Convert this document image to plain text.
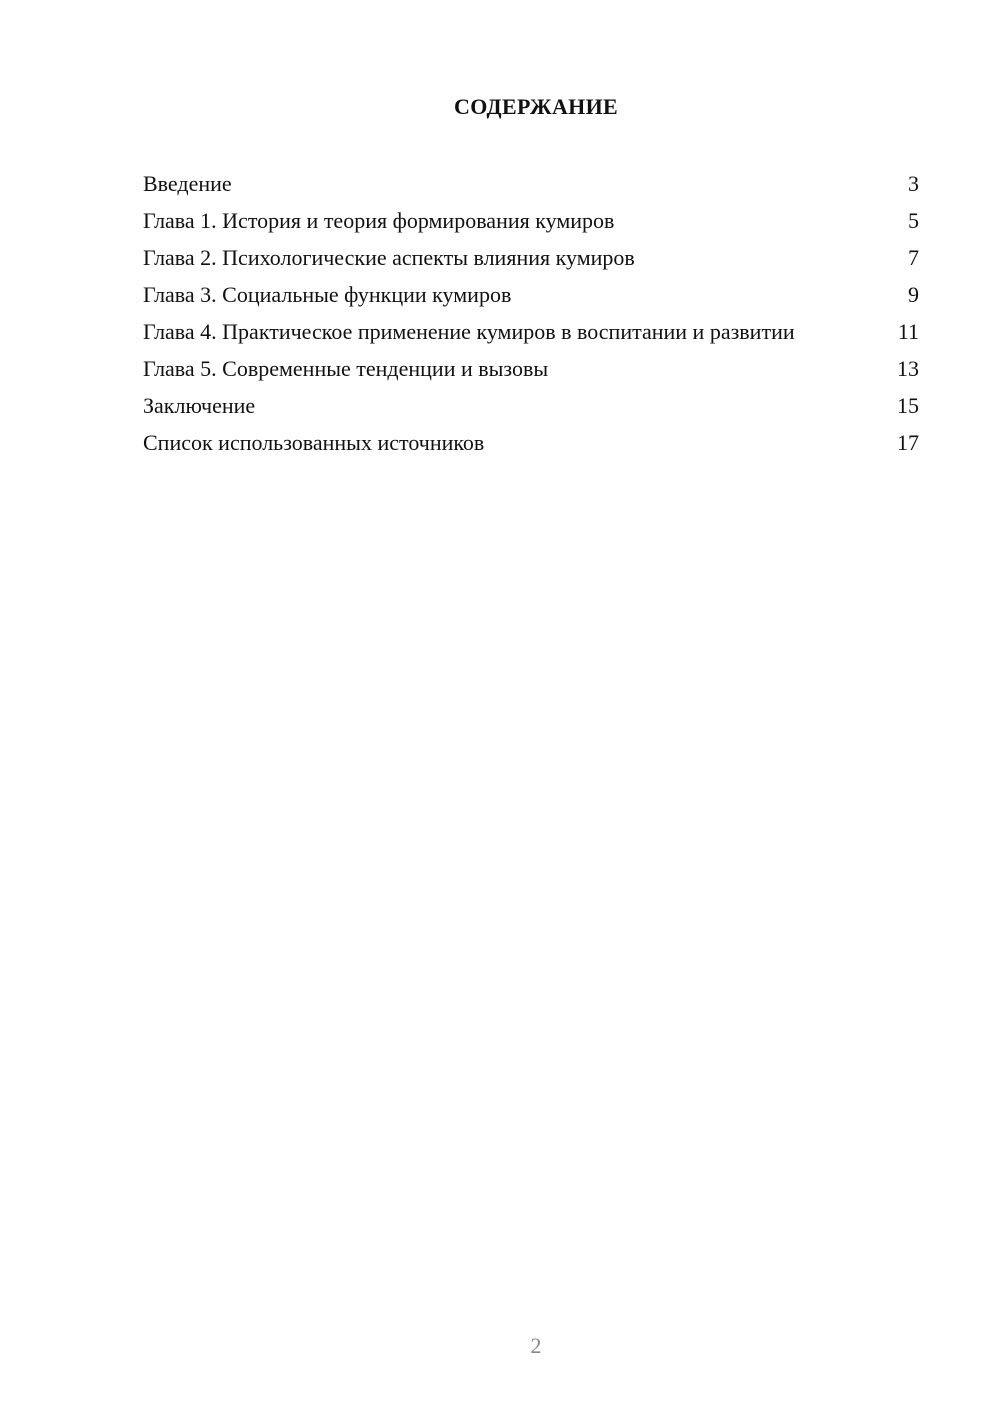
СОДЕРЖАНИЕ
Введение	3
Глава 1. История и теория формирования кумиров	5
Глава 2. Психологические аспекты влияния кумиров	7
Глава 3. Социальные функции кумиров	9
Глава 4. Практическое применение кумиров в воспитании и развитии	11
Глава 5. Современные тенденции и вызовы	13
Заключение	15
Список использованных источников	17
2
